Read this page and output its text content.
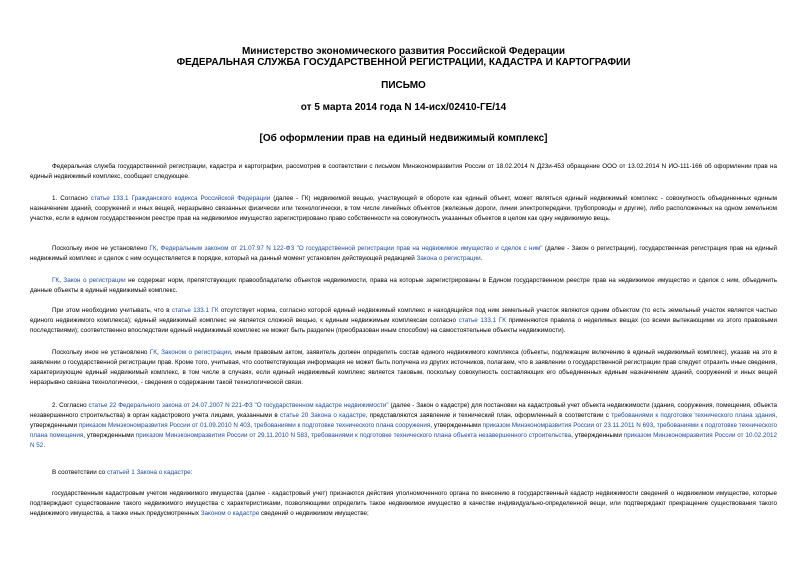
Министерство экономического развития Российской Федерации
ФЕДЕРАЛЬНАЯ СЛУЖБА ГОСУДАРСТВЕННОЙ РЕГИСТРАЦИИ, КАДАСТРА И КАРТОГРАФИИ
ПИСЬМО
от 5 марта 2014 года N 14-исх/02410-ГЕ/14
[Об оформлении прав на единый недвижимый комплекс]

Федеральная служба государственной регистрации, кадастра и картографии, рассмотрев в соответствии с письмом Минэкономразвития России от 18.02.2014 N Д23и-453 обращение ООО от 13.02.2014 N ИО-111-166 об оформлении прав на единый недвижимый комплекс, сообщает следующее.

1. Согласно статье 133.1 Гражданского кодекса Российской Федерации (далее - ГК) недвижимой вещью, участвующей в обороте как единый объект, может являться единый недвижимый комплекс - совокупность объединенных единым назначением зданий, сооружений и иных вещей, неразрывно связанных физически или технологически, в том числе линейных объектов (железные дороги, линии электропередачи, трубопроводы и другие), либо расположенных на одном земельном участке, если в едином государственном реестре прав на недвижимое имущество зарегистрировано право собственности на совокупность указанных объектов в целом как одну недвижимую вещь.

Поскольку иное не установлено ГК, Федеральным законом от 21.07.97 N 122-ФЗ "О государственной регистрации прав на недвижимое имущество и сделок с ним" (далее - Закон о регистрации), государственная регистрация прав на единый недвижимый комплекс и сделок с ним осуществляется в порядке, который на данный момент установлен действующей редакцией Закона о регистрации.

ГК, Закон о регистрации не содержат норм, препятствующих правообладателю объектов недвижимости, права на которые зарегистрированы в Едином государственном реестре прав на недвижимое имущество и сделок с ним, объединить данные объекты в единый недвижимый комплекс.

При этом необходимо учитывать, что в статье 133.1 ГК отсутствует норма, согласно которой единый недвижимый комплекс и находящийся под ним земельный участок являются одним объектом (то есть земельный участок является частью единого недвижимого комплекса); единый недвижимый комплекс не является сложной вещью, к единым недвижимым комплексам согласно статье 133.1 ГК применяются правила о неделимых вещах (со всеми вытекающими из этого правовыми последствиями); соответственно впоследствии единый недвижимый комплекс не может быть разделен (преобразован иным способом) на самостоятельные объекты недвижимости).

Поскольку иное не установлено ГК, Законом о регистрации, иным правовым актом, заявитель должен определить состав единого недвижимого комплекса (объекты, подлежащие включению в единый недвижимый комплекс), указав на это в заявлении о государственной регистрации прав. Кроме того, учитывая, что соответствующая информация не может быть получена из других источников, полагаем, что в заявлении о государственной регистрации прав следует отразить иные сведения, характеризующие единый недвижимый комплекс, в том числе в случаях, если единый недвижимый комплекс является таковым, поскольку совокупность составляющих его объединенных единым назначением зданий, сооружений и иных вещей неразрывно связана технологически, - сведения о содержании такой технологической связи.

2. Согласно статье 22 Федерального закона от 24.07.2007 N 221-ФЗ "О государственном кадастре недвижимости" (далее - Закон о кадастре) для постановки на кадастровый учет объекта недвижимости (здания, сооружения, помещения, объекта незавершенного строительства) в орган кадастрового учета лицами, указанными в статье 20 Закона о кадастре, представляются заявление и технический план, оформленный в соответствии с требованиями к подготовке технического плана здания, утвержденными приказом Минэкономразвития России от 01.09.2010 N 403, требованиями к подготовке технического плана сооружения, утвержденными приказом Минэкономразвития России от 23.11.2011 N 693, требованиями к подготовке технического плана помещения, утвержденными приказом Минэкономразвития России от 29.11.2010 N 583, требованиями к подготовке технического плана объекта незавершенного строительства, утвержденными приказом Минэкономразвития России от 10.02.2012 N 52.

В соответствии со статьей 1 Закона о кадастре:

государственным кадастровым учетом недвижимого имущества (далее - кадастровый учет) признаются действия уполномоченного органа по внесению в государственный кадастр недвижимости сведений о недвижимом имуществе, которые подтверждают существование такого недвижимого имущества с характеристиками, позволяющими определить такое недвижимое имущество в качестве индивидуально-определенной вещи, или подтверждают прекращение существования такого недвижимого имущества, а также иных предусмотренных Законом о кадастре сведений о недвижимом имуществе;
